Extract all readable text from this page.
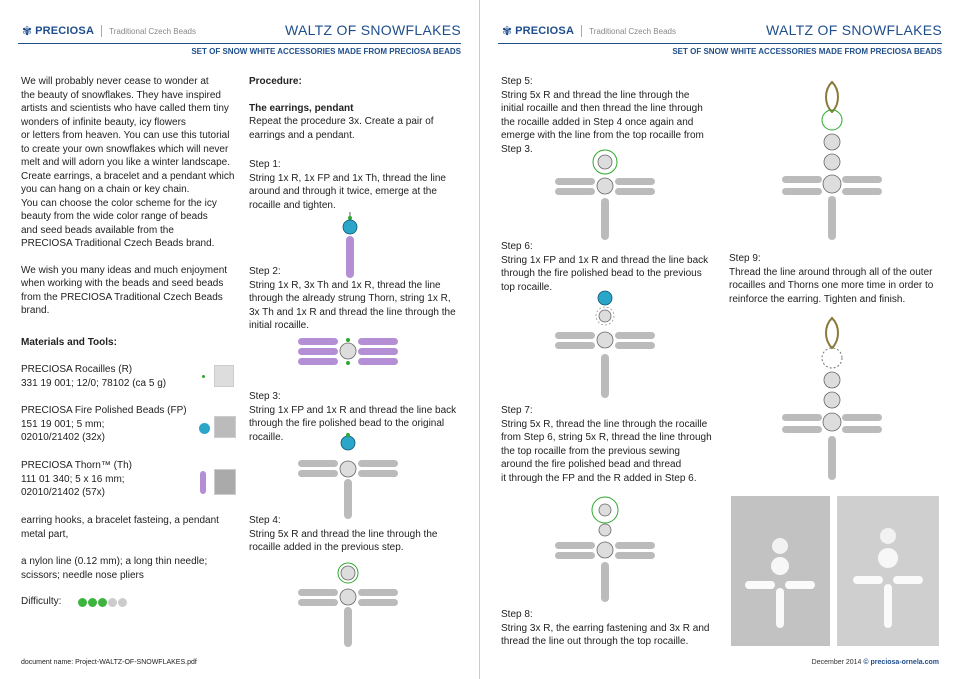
✾ PRECIOSA Traditional Czech Beads	WALTZ OF SNOWFLAKES
SET OF SNOW WHITE ACCESSORIES MADE FROM PRECIOSA BEADS
We will probably never cease to wonder at
the beauty of snowflakes. They have inspired
artists and scientists who have called them tiny
wonders of infinite beauty, icy flowers
or letters from heaven. You can use this tutorial
to create your own snowflakes which will never
melt and will adorn you like a winter landscape.
Create earrings, a bracelet and a pendant which
you can hang on a chain or key chain.
You can choose the color scheme for the icy
beauty from the wide color range of beads
and seed beads available from the
PRECIOSA Traditional Czech Beads brand.
We wish you many ideas and much enjoyment
when working with the beads and seed beads
from the PRECIOSA Traditional Czech Beads
brand.
Materials and Tools:
PRECIOSA Rocailles (R)
331 19 001; 12/0; 78102 (ca 5 g)
PRECIOSA Fire Polished Beads (FP)
151 19 001; 5 mm;
02010/21402 (32x)
PRECIOSA Thorn™ (Th)
111 01 340; 5 x 16 mm;
02010/21402 (57x)
earring hooks, a bracelet fasteing, a pendant
metal part,
a nylon line (0.12 mm); a long thin needle;
scissors; needle nose pliers
Difficulty:
Procedure:
The earrings, pendant
Repeat the procedure 3x. Create a pair of
earrings and a pendant.
Step 1:
String 1x R, 1x FP and 1x Th, thread the line
around and through it twice, emerge at the
rocaille and tighten.
Step 2:
String 1x R, 3x Th and 1x R, thread the line
through the already strung Thorn, string 1x R,
3x Th and 1x R and thread the line through the
initial rocaille.
Step 3:
String 1x FP and 1x R and thread the line back
through the fire polished bead to the original
rocaille.
Step 4:
String 5x R and thread the line through the
rocaille added in the previous step.
document name: Project-WALTZ-OF-SNOWFLAKES.pdf
✾ PRECIOSA Traditional Czech Beads	WALTZ OF SNOWFLAKES
SET OF SNOW WHITE ACCESSORIES MADE FROM PRECIOSA BEADS
Step 5:
String 5x R and thread the line through the
initial rocaille and then thread the line through
the rocaille added in Step 4 once again and
emerge with the line from the top rocaille from
Step 3.
Step 6:
String 1x FP and 1x R and thread the line back
through the fire polished bead to the previous
top rocaille.
Step 7:
String 5x R, thread the line through the rocaille
from Step 6, string 5x R, thread the line through
the top rocaille from the previous sewing
around the fire polished bead and thread
it through the FP and the R added in Step 6.
Step 8:
String 3x R, the earring fastening and 3x R and
thread the line out through the top rocaille.
Step 9:
Thread the line around through all of the outer
rocailles and Thorns one more time in order to
reinforce the earring. Tighten and finish.
December 2014 © preciosa-ornela.com
